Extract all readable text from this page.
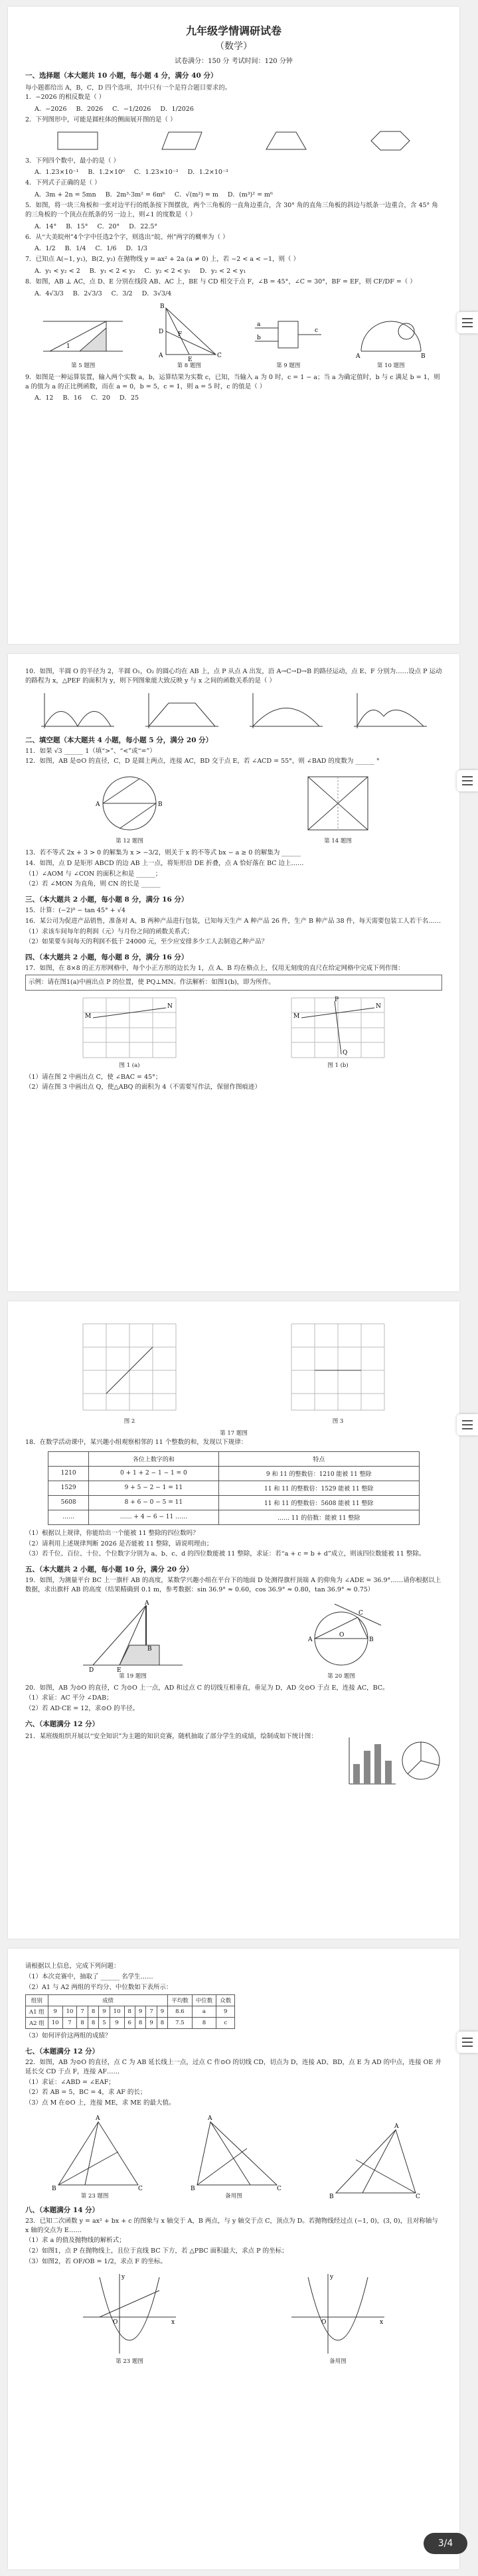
九年级学情调研试卷
（数学）
试卷满分：150 分 考试时间：120 分钟
一、选择题（本大题共 10 小题，每小题 4 分，满分 40 分）
每小题都给出 A，B，C，D 四个选项，其中只有一个是符合题目要求的。
1．−2026 的相反数是（ ）
A．−2026 B．2026 C．−1/2026 D．1/2026
2．下列图形中，可能是圆柱体的侧面展开图的是（ ）
3．下列四个数中，最小的是（ ）
A．1.23×10⁻¹ B．1.2×10⁰ C．1.23×10⁻² D．1.2×10⁻³
4．下列式子正确的是（ ）
A．3m + 2n = 5mn B．2m³·3m² = 6m⁶ C．√(m²) = m D．(m³)² = m⁶
5．如图，将一块三角板和一张对边平行的纸条按下图摆放，两个三角板的一直角边重合，含 30° 角的直角三角板的斜边与纸条一边重合，含 45° 角的三角板的一个顶点在纸条的另一边上，则∠1 的度数是（ ）
A．14° B．15° C．20° D．22.5°
6．从“大美皖州”4个字中任选2个字，则选出“皖、州”两字的概率为（ ）
A．1/2 B．1/4 C．1/6 D．1/3
7．已知点 A(−1, y₁)，B(2, y₂) 在抛物线 y = ax² + 2a (a ≠ 0) 上，若 −2 < a < −1，则（ ）
A．y₁ < y₂ < 2 B．y₁ < 2 < y₂ C．y₂ < 2 < y₁ D．y₂ < 2 < y₁
8．如图，AB ⊥ AC，点 D、E 分别在线段 AB、AC 上，BE 与 CD 相交于点 F，∠B = 45°，∠C = 30°，BF = EF，则 CF/DF =（ ）
A．4√3/3 B．2√3/3 C．3/2 D．3√3/4
1
第 5 题图
B
A	C
D
E
F
第 8 题图
a
b
c
第 9 题图
A	B
第 10 题图
9．如图是一种运算装置，输入两个实数 a，b，运算结果为实数 c，已知，当输入 a 为 0 时，c = 1 − a；当 a 为确定值时，b 与 c 满足 b = 1，则 a 的值为 a 的正比例函数，而在 a = 0，b = 5，c = 1，则 a = 5 时，c 的值是（ ）
A．12 B．16 C．20 D．25
10．如图，半圆 O 的半径为 2，半圆 O₁，O₂ 的圆心均在 AB 上，点 P 从点 A 出发，沿 A→C→D→B 的路径运动，点 E、F 分别为……设点 P 运动的路程为 x，△PEF 的面积为 y，则下列图象能大致反映 y 与 x 之间的函数关系的是（ ）
二、填空题（本大题共 4 小题，每小题 5 分，满分 20 分）
11．如果 √3 ______ 1（填“>”、“<”或“=”）
12．如图，AB 是⊙O 的直径，C，D 是圆上两点，连接 AC，BD 交于点 E，若 ∠ACD = 55°，则 ∠BAD 的度数为 ______ °
A	B
第 12 题图	第 14 题图
13．若不等式 2x + 3 > 0 的解集为 x > −3/2，则关于 x 的不等式 bx − a ≥ 0 的解集为 ______
14．如图，点 D 是矩形 ABCD 的边 AB 上一点，将矩形沿 DE 折叠，点 A 恰好落在 BC 边上……
（1）∠AOM 与 ∠CON 的面积之和是 ______；
（2）若 ∠MON 为直角，则 CN 的长是 ______
三、（本大题共 2 小题，每小题 8 分，满分 16 分）
15．计算：(−2)⁰ − tan 45° + √4
16．某公司为促进产品销售，准备对 A、B 两种产品进行包装，已知每天生产 A 种产品 26 件，生产 B 种产品 38 件，每天需要包装工人若干名……
（1）求该车间每年的利润（元）与月份之间的函数关系式；
（2）如果要车间每天的利润不低于 24000 元，至少应安排多少工人去制造乙种产品？
四、（本大题共 2 小题，每小题 8 分，满分 16 分）
17．如图，在 8×8 的正方形网格中，每个小正方形的边长为 1，点 A、B 均在格点上，仅用无刻度的直尺在给定网格中完成下列作图：
示例：请在图1(a)中画出点 P 的位置，使 PQ⊥MN。作法解析：如图1(b)，即为所作。
M
N
图 1 (a)
M
N
P
Q
图 1 (b)
（1）请在图 2 中画出点 C，使 ∠BAC = 45°；
（2）请在图 3 中画出点 Q，使△ABQ 的面积为 4（不需要写作法，保留作图痕迹）
图 2	图 3
第 17 题图
18．在数学活动课中，某兴趣小组观察相邻的 11 个整数的和，发现以下规律：
	各位上数字的和	特点
1210	0 + 1 + 2 − 1 − 1 = 0	9 和 11 的整数倍：1210 能被 11 整除
1529	9 + 5 − 2 − 1 = 11	11 和 11 的整数倍：1529 能被 11 整除
5608	8 + 6 − 0 − 5 = 11	11 和 11 的整数倍：5608 能被 11 整除
……	…… + 4 − 6 − 11 ……	…… 11 的倍数：能被 11 整除
（1）根据以上规律，你能给出一个能被 11 整除的四位数吗？
（2）请利用上述规律判断 2026 是否能被 11 整除，请说明理由；
（3）若千位、百位、十位、个位数字分别为 a、b、c、d 的四位数能被 11 整除，求证：若“a + c = b + d”成立，则该四位数能被 11 整除。
五、（本大题共 2 小题，每小题 10 分，满分 20 分）
19．如图，为测量平台 BC 上一旗杆 AB 的高度，某数学兴趣小组在平台下的地面 D 处测得旗杆顶端 A 的仰角为 ∠ADE = 36.9°……请你根据以上数据，求出旗杆 AB 的高度（结果精确到 0.1 m，参考数据：sin 36.9° ≈ 0.60，cos 36.9° ≈ 0.80，tan 36.9° ≈ 0.75）
A
B
D	E
第 19 题图
A	B
C
O
第 20 题图
20．如图，AB 为⊙O 的直径，C 为⊙O 上一点，AD 和过点 C 的切线互相垂直，垂足为 D，AD 交⊙O 于点 E，连接 AC，BC。
（1）求证：AC 平分 ∠DAB；
（2）若 AD·CE = 12，求⊙O 的半径。
六、（本题满分 12 分）
21．某班级组织开展以“安全知识”为主题的知识竞赛，随机抽取了部分学生的成绩，绘制成如下统计图：
请根据以上信息，完成下列问题：
（1）本次竞赛中，抽取了 ______ 名学生……
（2）A1 与 A2 两组的平均分、中位数如下表所示：
组别	成绩										平均数	中位数	众数
A1 组	9	10	7	8	9	10	8	9	7	9	8.6	a	9
A2 组	10	7	8	8	5	9	6	8	9	8	7.5	8	c
（3）如何评价这两组的成绩？
七、（本题满分 12 分）
22．如图，AB 为⊙O 的直径，点 C 为 AB 延长线上一点，过点 C 作⊙O 的切线 CD，切点为 D，连接 AD、BD，点 E 为 AD 的中点，连接 OE 并延长交 CD 于点 F，连接 AF……
（1）求证：∠ABD = ∠EAF；
（2）若 AB = 5，BC = 4，求 AF 的长；
（3）点 M 在⊙O 上，连接 ME，求 ME 的最大值。
A
B	C
第 23 题图
A
B	C
备用图
A
B	C
八、（本题满分 14 分）
23．已知二次函数 y = ax² + bx + c 的图象与 x 轴交于 A，B 两点，与 y 轴交于点 C，顶点为 D。若抛物线经过点 (−1, 0)，(3, 0)，且对称轴与 x 轴的交点为 E……
（1）求 a 的值及抛物线的解析式；
（2）如图1，点 P 在抛物线上，且位于直线 BC 下方，若 △PBC 面积最大，求点 P 的坐标；
（3）如图2，若 OF/OB = 1/2，求点 F 的坐标。
x
y
O
第 23 题图
x
y
O
备用图
3/4
